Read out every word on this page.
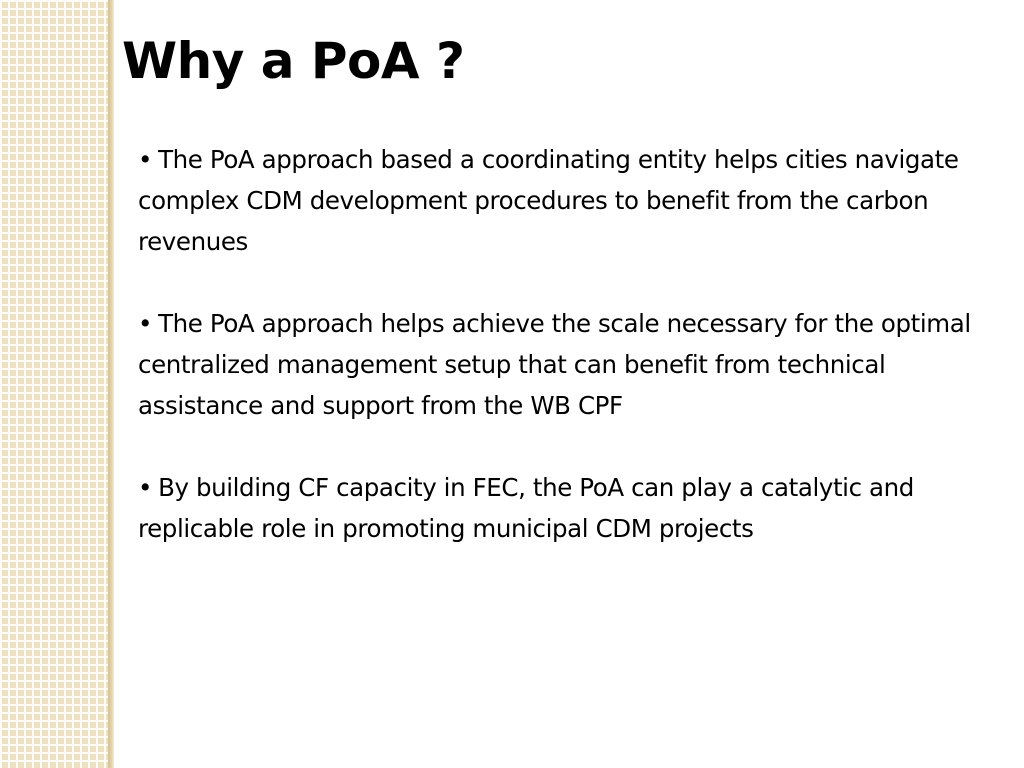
Why a PoA ?
• The PoA approach based a coordinating entity helps cities navigate complex CDM development procedures to benefit from the carbon revenues
• The PoA approach helps achieve the scale necessary for the optimal centralized management setup that can benefit from technical assistance and support from the WB CPF
• By building CF capacity in FEC, the PoA can play a catalytic and replicable role in promoting municipal CDM projects
